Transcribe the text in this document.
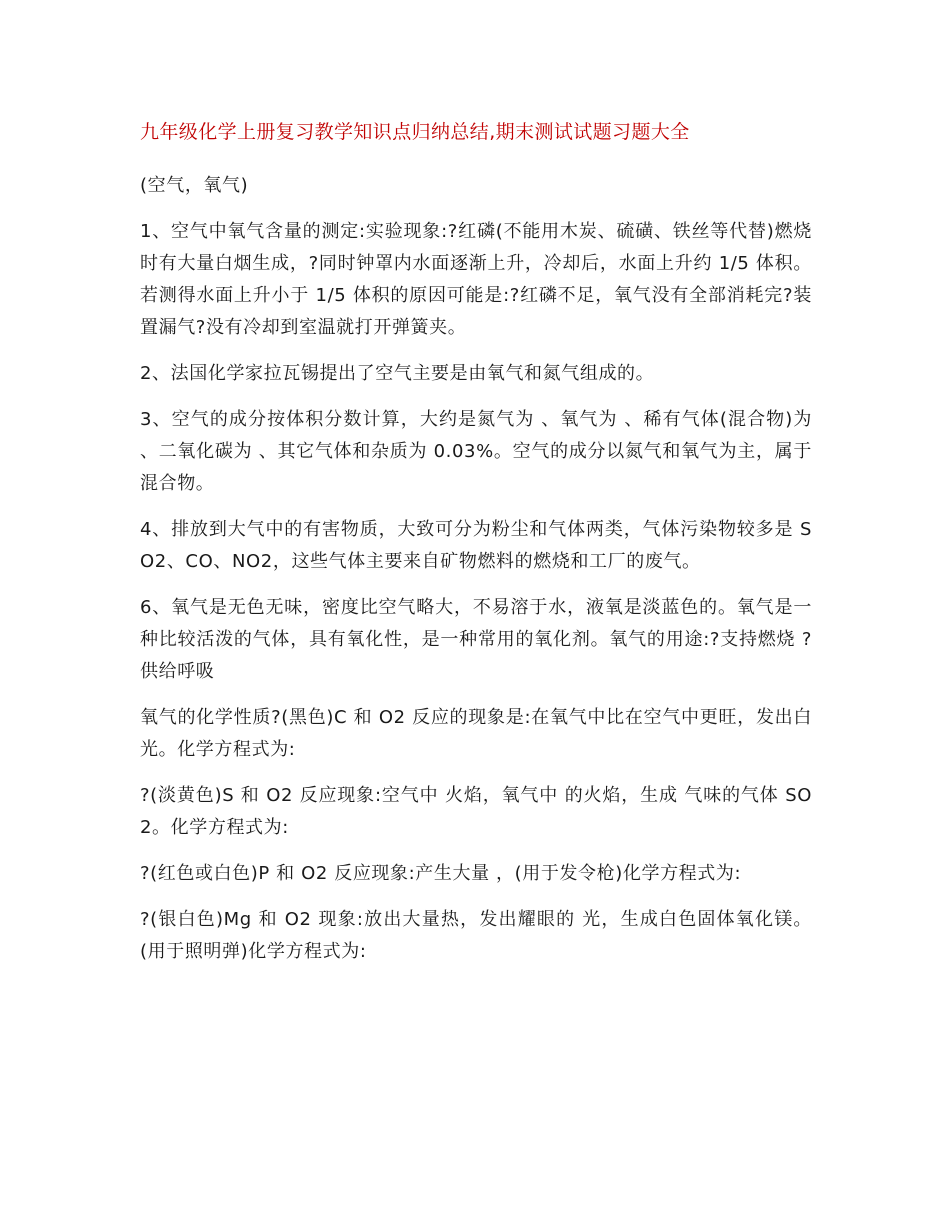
九年级化学上册复习教学知识点归纳总结,期末测试试题习题大全
(空气，氧气)
1、空气中氧气含量的测定:实验现象:?红磷(不能用木炭、硫磺、铁丝等代替)燃烧时有大量白烟生成，?同时钟罩内水面逐渐上升，冷却后，水面上升约 1/5 体积。 若测得水面上升小于 1/5 体积的原因可能是:?红磷不足，氧气没有全部消耗完?装置漏气?没有冷却到室温就打开弹簧夹。
2、法国化学家拉瓦锡提出了空气主要是由氧气和氮气组成的。
3、空气的成分按体积分数计算，大约是氮气为 、氧气为 、稀有气体(混合物)为 、二氧化碳为 、其它气体和杂质为 0.03%。空气的成分以氮气和氧气为主，属于混合物。
4、排放到大气中的有害物质，大致可分为粉尘和气体两类，气体污染物较多是 SO2、CO、NO2，这些气体主要来自矿物燃料的燃烧和工厂的废气。
6、氧气是无色无味，密度比空气略大，不易溶于水，液氧是淡蓝色的。氧气是一种比较活泼的气体，具有氧化性，是一种常用的氧化剂。氧气的用途:?支持燃烧 ?供给呼吸
氧气的化学性质?(黑色)C 和 O2 反应的现象是:在氧气中比在空气中更旺，发出白光。化学方程式为:
?(淡黄色)S 和 O2 反应现象:空气中 火焰，氧气中 的火焰，生成 气味的气体 SO2。化学方程式为:
?(红色或白色)P 和 O2 反应现象:产生大量 ，(用于发令枪)化学方程式为:
?(银白色)Mg 和 O2 现象:放出大量热，发出耀眼的 光，生成白色固体氧化镁。(用于照明弹)化学方程式为:
